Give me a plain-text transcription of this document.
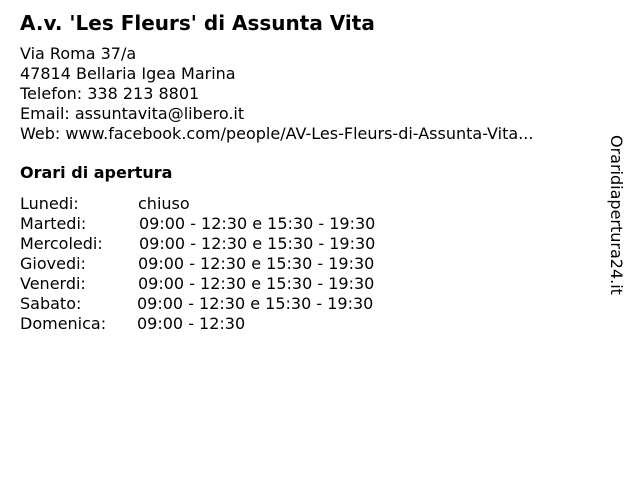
A.v. 'Les Fleurs' di Assunta Vita
Via Roma 37/a
47814 Bellaria Igea Marina
Telefon: 338 213 8801
Email: assuntavita@libero.it
Web: www.facebook.com/people/AV-Les-Fleurs-di-Assunta-Vita...
Orari di apertura
Lunedi:	chiuso
Martedi:	09:00 - 12:30 e 15:30 - 19:30
Mercoledi: 09:00 - 12:30 e 15:30 - 19:30
Giovedi:	09:00 - 12:30 e 15:30 - 19:30
Venerdi:	09:00 - 12:30 e 15:30 - 19:30
Sabato:	09:00 - 12:30 e 15:30 - 19:30
Domenica: 09:00 - 12:30
Oraridiapertura24.it
